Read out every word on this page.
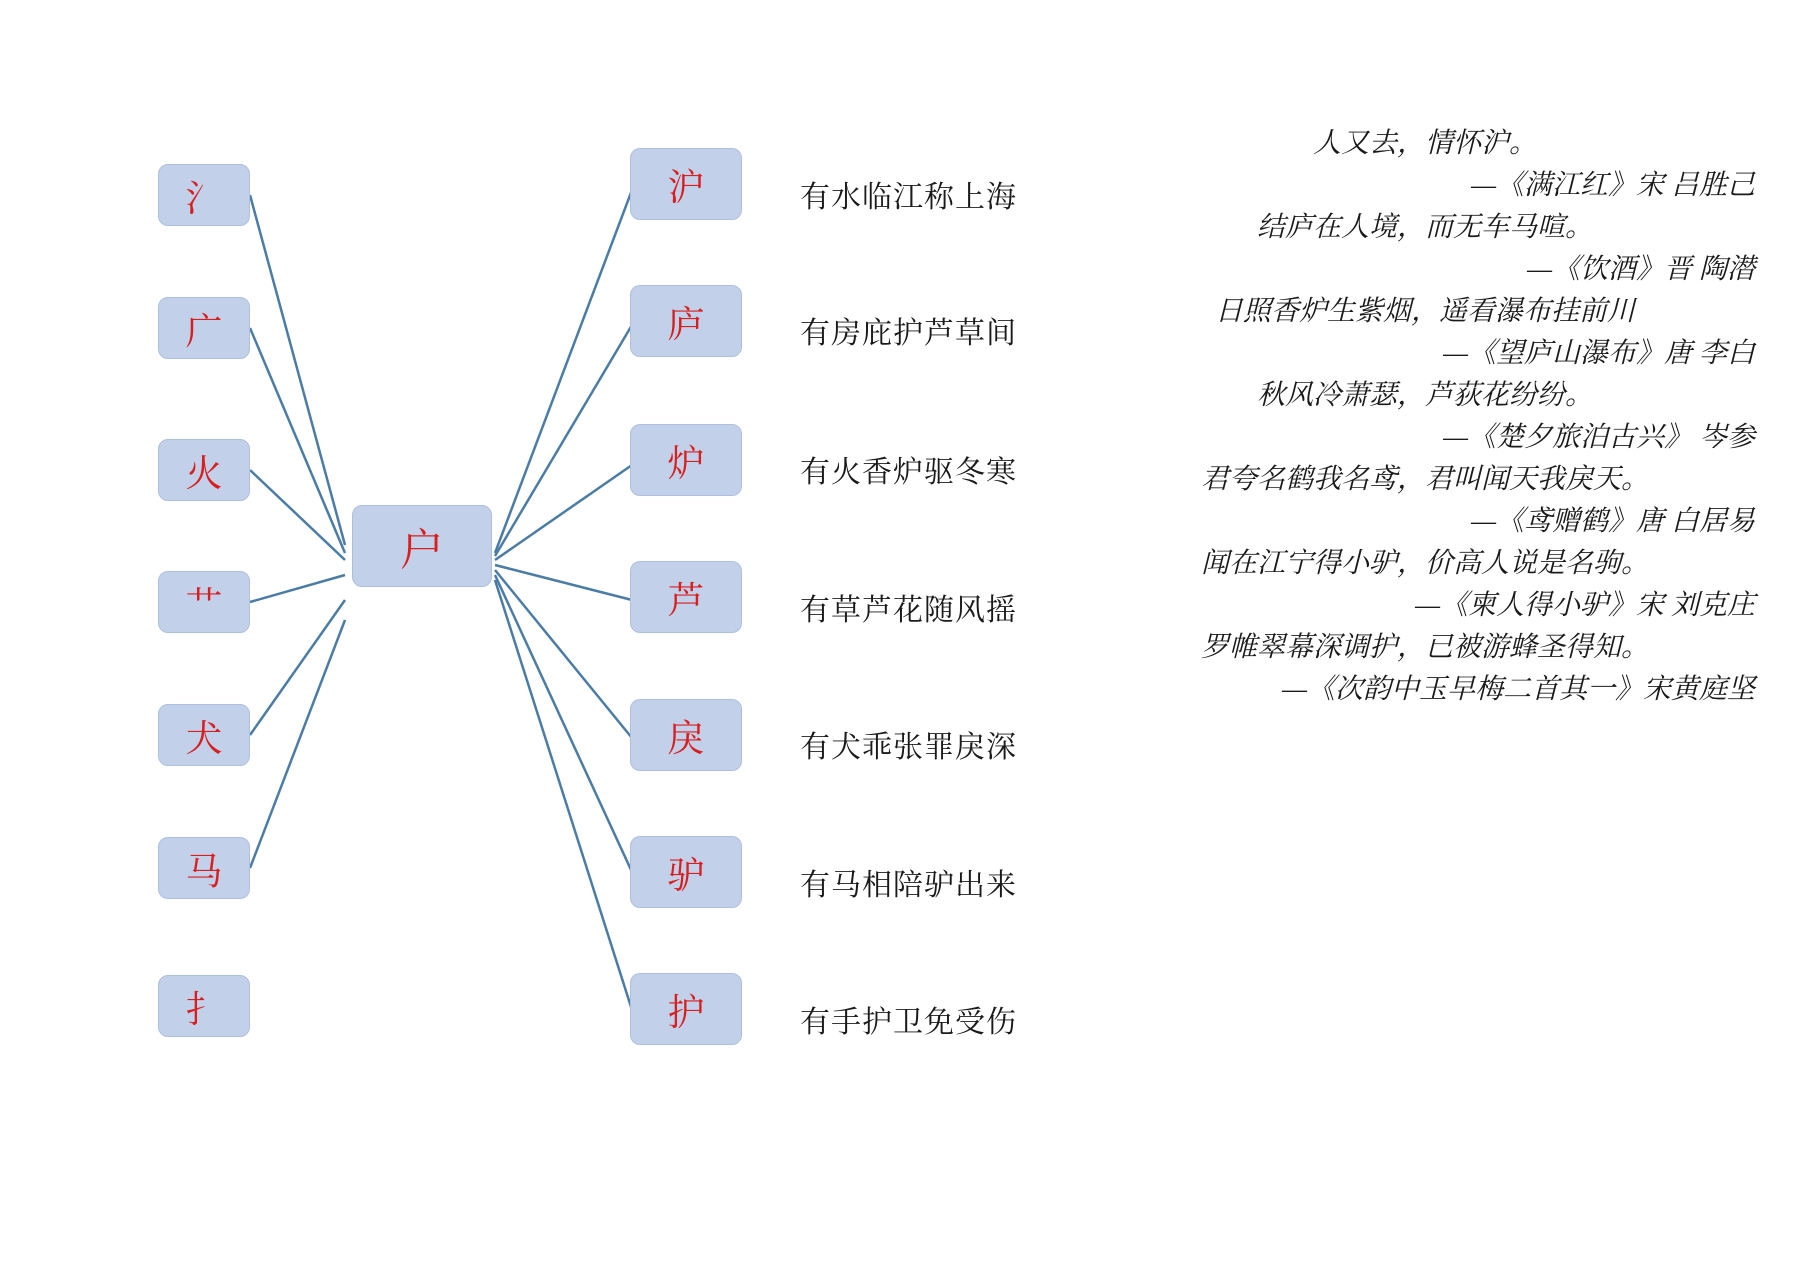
氵
广
火
艹
犬
马
扌
户
沪	有水临江称上海
庐	有房庇护芦草间
炉	有火香炉驱冬寒
芦	有草芦花随风摇
戾	有犬乖张罪戾深
驴	有马相陪驴出来
护	有手护卫免受伤
人又去，情怀沪。
—《满江红》宋 吕胜己
结庐在人境，而无车马喧。
—《饮酒》晋 陶潜
日照香炉生紫烟，遥看瀑布挂前川
—《望庐山瀑布》唐 李白
秋风冷萧瑟，芦荻花纷纷。
—《楚夕旅泊古兴》 岑参
君夸名鹤我名鸢，君叫闻天我戾天。
—《鸢赠鹤》唐 白居易
闻在江宁得小驴，价高人说是名驹。
—《柬人得小驴》宋 刘克庄
罗帷翠幕深调护，已被游蜂圣得知。
—《次韵中玉早梅二首其一》宋黄庭坚
